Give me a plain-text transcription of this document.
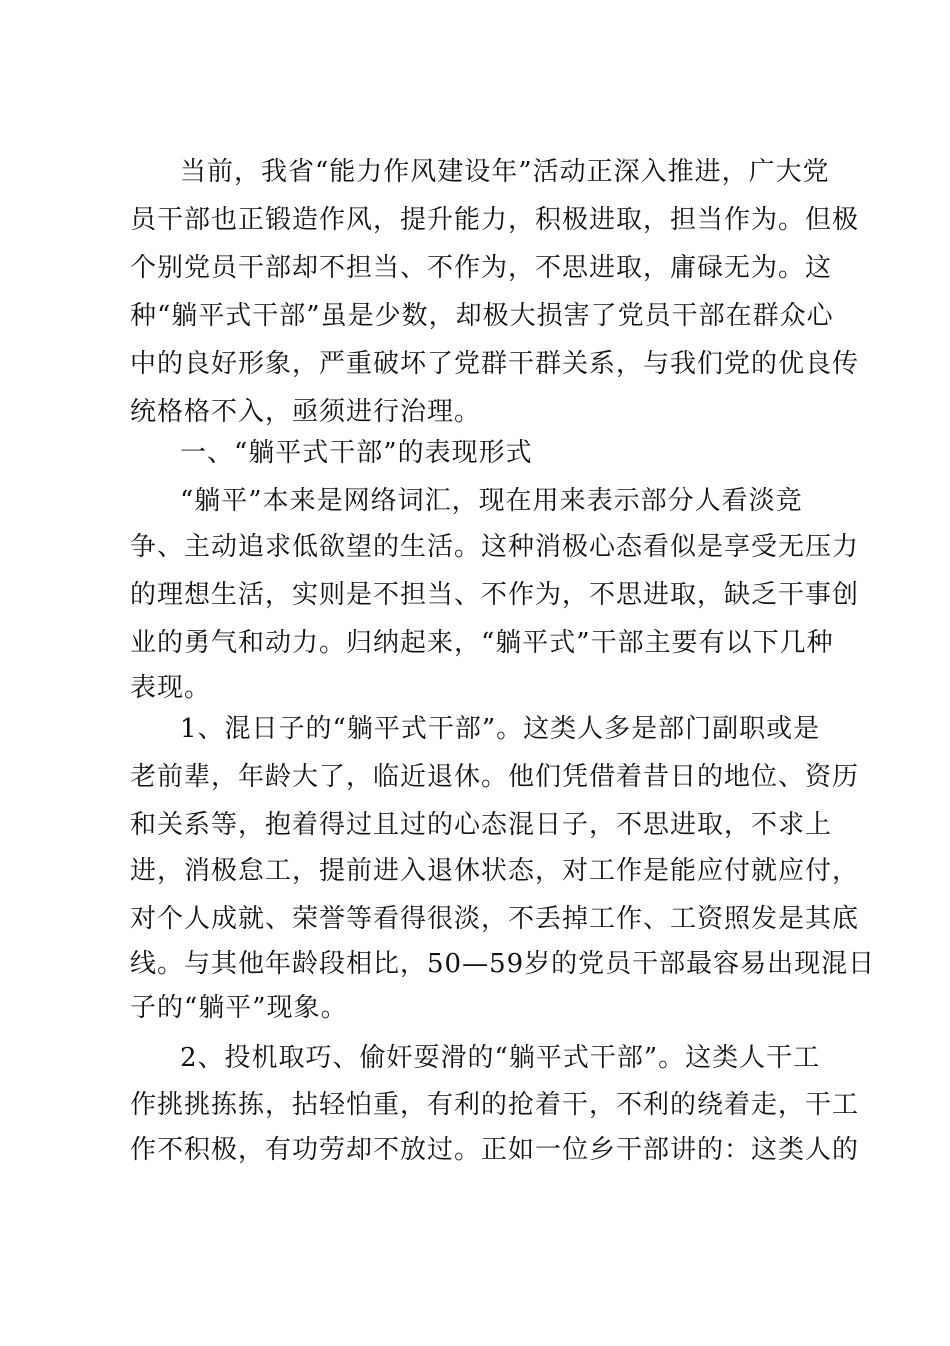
当前，我省“能力作风建设年”活动正深入推进，广大党
员干部也正锻造作风，提升能力，积极进取，担当作为。但极
个别党员干部却不担当、不作为，不思进取，庸碌无为。这
种“躺平式干部”虽是少数，却极大损害了党员干部在群众心
中的良好形象，严重破坏了党群干群关系，与我们党的优良传
统格格不入，亟须进行治理。
一、“躺平式干部”的表现形式
“躺平”本来是网络词汇，现在用来表示部分人看淡竞
争、主动追求低欲望的生活。这种消极心态看似是享受无压力
的理想生活，实则是不担当、不作为，不思进取，缺乏干事创
业的勇气和动力。归纳起来，“躺平式”干部主要有以下几种
表现。
1、混日子的“躺平式干部”。这类人多是部门副职或是
老前辈，年龄大了，临近退休。他们凭借着昔日的地位、资历
和关系等，抱着得过且过的心态混日子，不思进取，不求上
进，消极怠工，提前进入退休状态，对工作是能应付就应付，
对个人成就、荣誉等看得很淡，不丢掉工作、工资照发是其底
线。与其他年龄段相比，50—59岁的党员干部最容易出现混日
子的“躺平”现象。
2、投机取巧、偷奸耍滑的“躺平式干部”。这类人干工
作挑挑拣拣，拈轻怕重，有利的抢着干，不利的绕着走，干工
作不积极，有功劳却不放过。正如一位乡干部讲的：这类人的
